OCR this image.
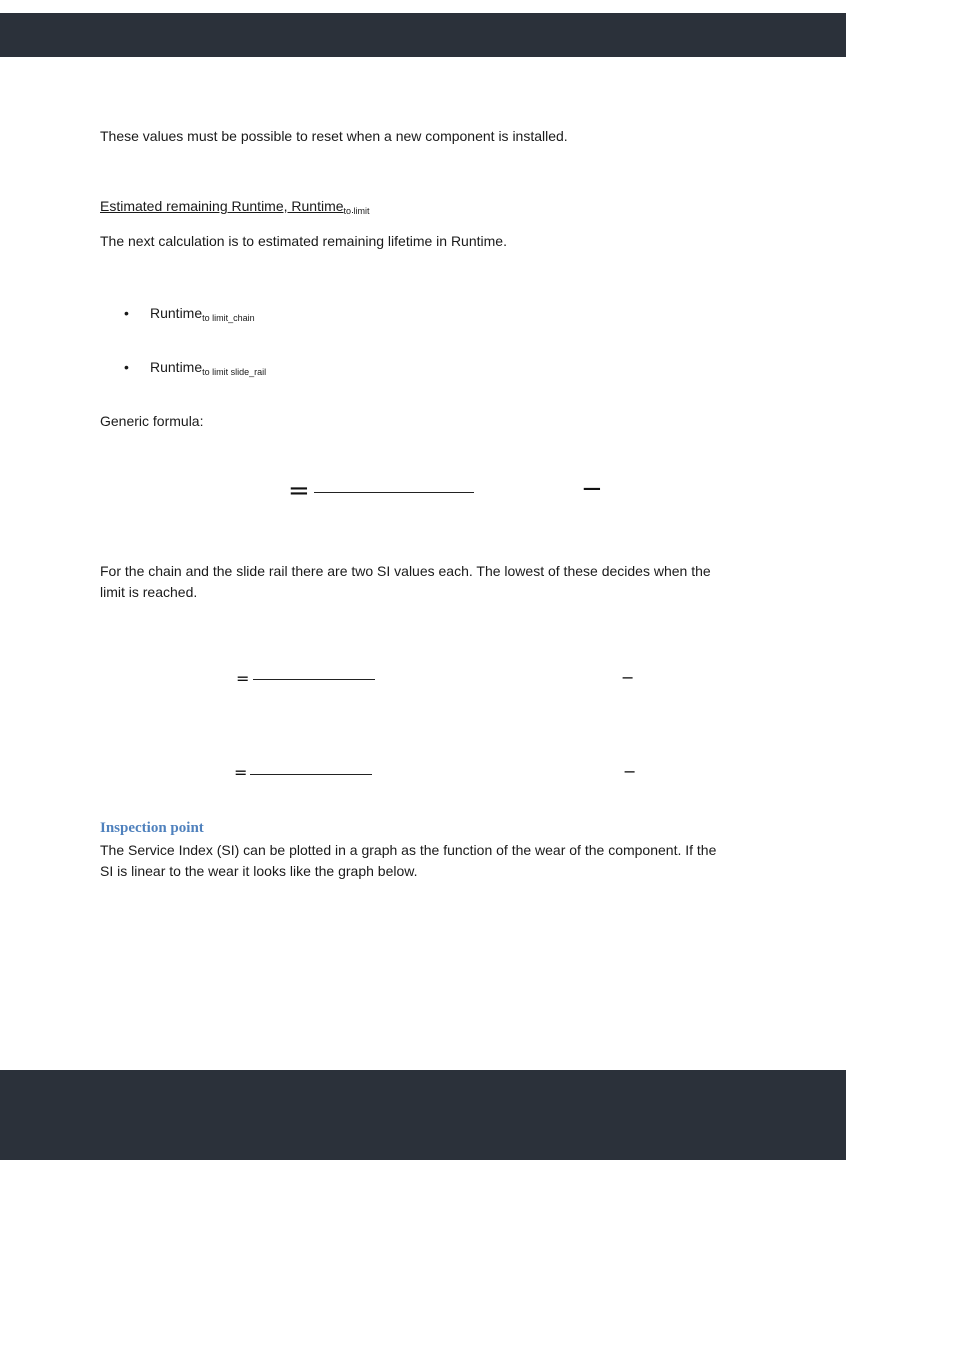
These values must be possible to reset when a new component is installed.
Estimated remaining Runtime, Runtime$_{to limit}$
The next calculation is to estimated remaining lifetime in Runtime.
• Runtime$_{to limit\_chain}$
• Runtime$_{to limit slide\_rail}$
Generic formula:
=	−
For the chain and the slide rail there are two SI values each. The lowest of these decides when the limit is reached.
=	−
=	−
Inspection point
The Service Index (SI) can be plotted in a graph as the function of the wear of the component. If the SI is linear to the wear it looks like the graph below.
